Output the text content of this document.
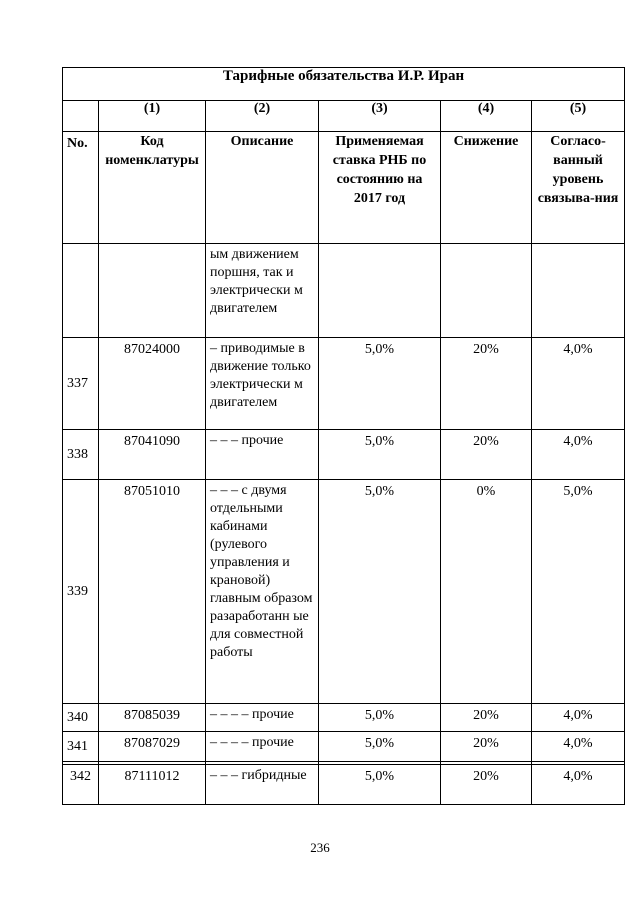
Тарифные обязательства И.Р. Иран					
	(1)	(2)	(3)	(4)	(5)
No.	Код номенклатуры	Описание	Применяемая ставка РНБ по состоянию на 2017 год	Снижение	Согласо-ванный уровень связыва-ния
		ым движением поршня, так и электрически м двигателем			
337	87024000	– приводимые в движение только электрически м двигателем	5,0%	20%	4,0%
338	87041090	– – – прочие	5,0%	20%	4,0%
339	87051010	– – – с двумя отдельными кабинами (рулевого управления и крановой) главным образом разаработанн ые для совместной работы	5,0%	0%	5,0%
340	87085039	– – – – прочие	5,0%	20%	4,0%
341	87087029	– – – – прочие	5,0%	20%	4,0%

342	87111012	– – – гибридные	5,0%	20%	4,0%
236
